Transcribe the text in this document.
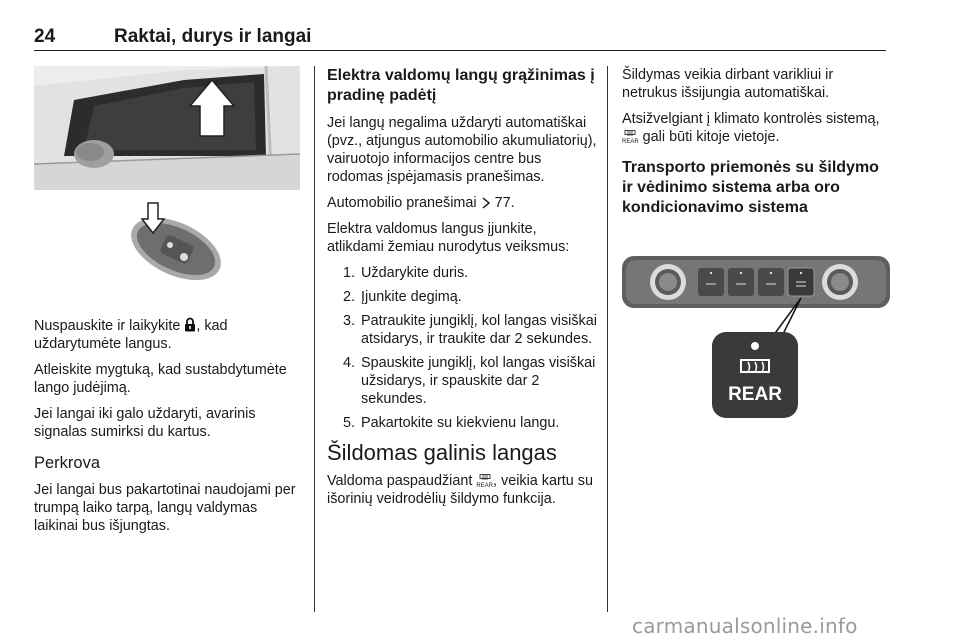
24	Raktai, durys ir langai

Nuspauskite ir laikykite , kad uždarytumėte langus.

Atleiskite mygtuką, kad sustabdytumėte lango judėjimą.

Jei langai iki galo uždaryti, avarinis signalas sumirksi du kartus.

Perkrova

Jei langai bus pakartotinai naudojami per trumpą laiko tarpą, langų valdymas laikinai bus išjungtas.

Elektra valdomų langų grąžinimas į pradinę padėtį

Jei langų negalima uždaryti automatiškai (pvz., atjungus automobilio akumuliatorių), vairuotojo informacijos centre bus rodomas įspėjamasis pranešimas.

Automobilio pranešimai  77.

Elektra valdomus langus įjunkite, atlikdami žemiau nurodytus veiksmus:

1. Uždarykite duris.
2. Įjunkite degimą.
3. Patraukite jungiklį, kol langas visiškai atsidarys, ir traukite dar 2 sekundes.
4. Spauskite jungiklį, kol langas visiškai užsidarys, ir spauskite dar 2 sekundes.
5. Pakartokite su kiekvienu langu.
Šildomas galinis langas

Valdoma paspaudžiant
REAR, veikia kartu su išorinių veidrodėlių šildymo funkcija.

Šildymas veikia dirbant varikliui ir netrukus išsijungia automatiškai.

Atsižvelgiant į klimato kontrolės sistemą,
REAR gali būti kitoje vietoje.

Transporto priemonės su šildymo ir vėdinimo sistema arba oro kondicionavimo sistema
REAR
carmanualsonline.info
